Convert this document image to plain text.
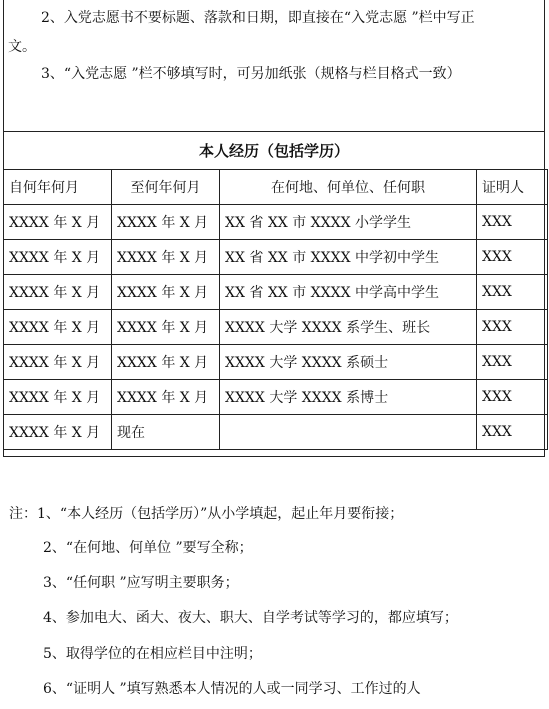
2、入党志愿书不要标题、落款和日期，即直接在“入党志愿 ”栏中写正
文。
3、“入党志愿 ”栏不够填写时，可另加纸张（规格与栏目格式一致）
本人经历（包括学历）
自何年何月	至何年何月	在何地、何单位、任何职	证明人
XXXX 年 X 月	XXXX 年 X 月	XX 省 XX 市 XXXX 小学学生	XXX
XXXX 年 X 月	XXXX 年 X 月	XX 省 XX 市 XXXX 中学初中学生	XXX
XXXX 年 X 月	XXXX 年 X 月	XX 省 XX 市 XXXX 中学高中学生	XXX
XXXX 年 X 月	XXXX 年 X 月	XXXX 大学 XXXX 系学生、班长	XXX
XXXX 年 X 月	XXXX 年 X 月	XXXX 大学 XXXX 系硕士	XXX
XXXX 年 X 月	XXXX 年 X 月	XXXX 大学 XXXX 系博士	XXX
XXXX 年 X 月	现在		XXX
注：1、“本人经历（包括学历）”从小学填起，起止年月要衔接；
2、“在何地、何单位 ”要写全称；
3、“任何职 ”应写明主要职务；
4、参加电大、函大、夜大、职大、自学考试等学习的，都应填写；
5、取得学位的在相应栏目中注明；
6、“证明人 ”填写熟悉本人情况的人或一同学习、工作过的人
